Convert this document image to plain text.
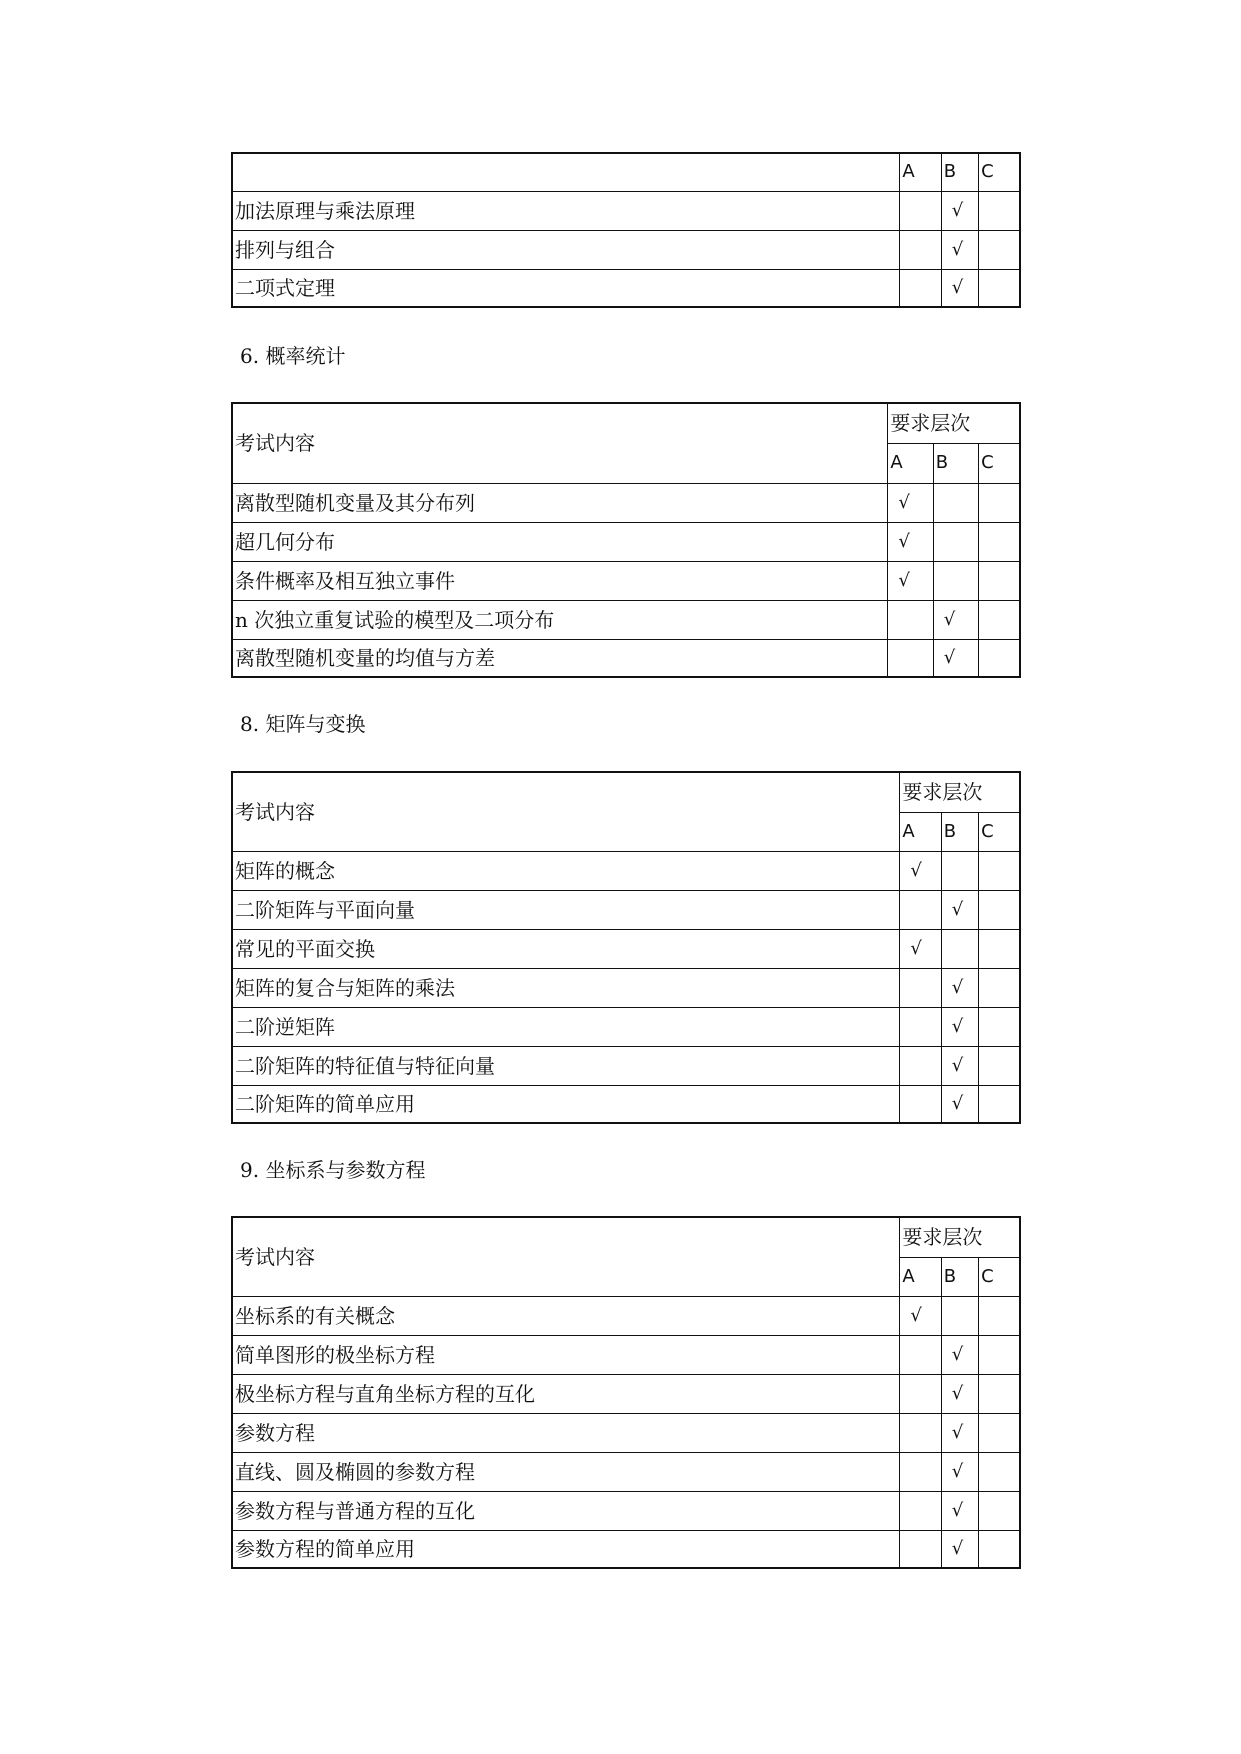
	A	B	C
加法原理与乘法原理		√	
排列与组合		√	
二项式定理		√	
6. 概率统计
考试内容	要求层次		
	A	B	C
离散型随机变量及其分布列	√		
超几何分布	√		
条件概率及相互独立事件	√		
n 次独立重复试验的模型及二项分布		√	
离散型随机变量的均值与方差		√	
8. 矩阵与变换
考试内容	要求层次		
	A	B	C
矩阵的概念	√		
二阶矩阵与平面向量		√	
常见的平面交换	√		
矩阵的复合与矩阵的乘法		√	
二阶逆矩阵		√	
二阶矩阵的特征值与特征向量		√	
二阶矩阵的简单应用		√	
9. 坐标系与参数方程
考试内容	要求层次		
	A	B	C
坐标系的有关概念	√		
简单图形的极坐标方程		√	
极坐标方程与直角坐标方程的互化		√	
参数方程		√	
直线、圆及椭圆的参数方程		√	
参数方程与普通方程的互化		√	
参数方程的简单应用		√	
